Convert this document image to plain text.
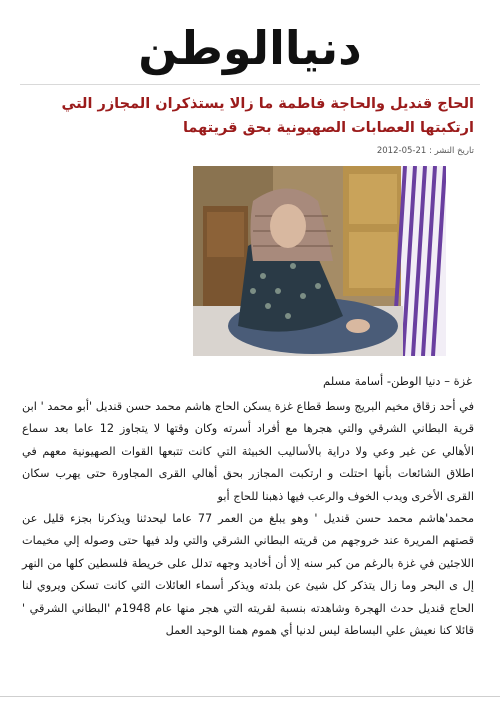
دنياالوطن
الحاج قنديل والحاجة فاطمة ما زالا يستذكران المجازر التي ارتكبتها العصابات الصهيونية بحق قريتهما
تاريخ النشر : 21-05-2012
غزة – دنيا الوطن- أسامة مسلم

في أحد زقاق مخيم البريج وسط قطاع غزة يسكن الحاج هاشم محمد حسن قنديل 'أبو محمد ' ابن قرية البطاني الشرقي والتي هجرها مع أفراد أسرته وكان وقتها لا يتجاوز 12 عاما بعد سماع الأهالي عن غير وعي ولا دراية بالأساليب الخبيثة التي كانت تتبعها القوات الصهيونية معهم في اطلاق الشائعات بأنها احتلت و ارتكبت المجازر بحق أهالي القرى المجاورة حتى يهرب سكان القرى الأخرى ويدب الخوف والرعب فيها ذهبنا للحاج أبو

محمد'هاشم محمد حسن قنديل ' وهو يبلغ من العمر 77 عاما ليحدثنا ويذكرنا بجزء قليل عن قصتهم المريرة عند خروجهم من قريته البطاني الشرقي والتي ولد فيها حتى وصوله إلي مخيمات اللاجئين في غزة بالرغم من كبر سنه إلا أن أخاديد وجهه تدلل على خريطة فلسطين كلها من النهر إل ى البحر وما زال يتذكر كل شيئ عن بلدته ويذكر أسماء العائلات التي كانت تسكن ويروي لنا الحاج قنديل حدث الهجرة وشاهدته بنسبة لقريته التي هجر منها عام 1948م 'البطاني الشرقي ' قائلا كنا نعيش علي البساطة ليس لدنيا أي هموم همنا الوحيد العمل
